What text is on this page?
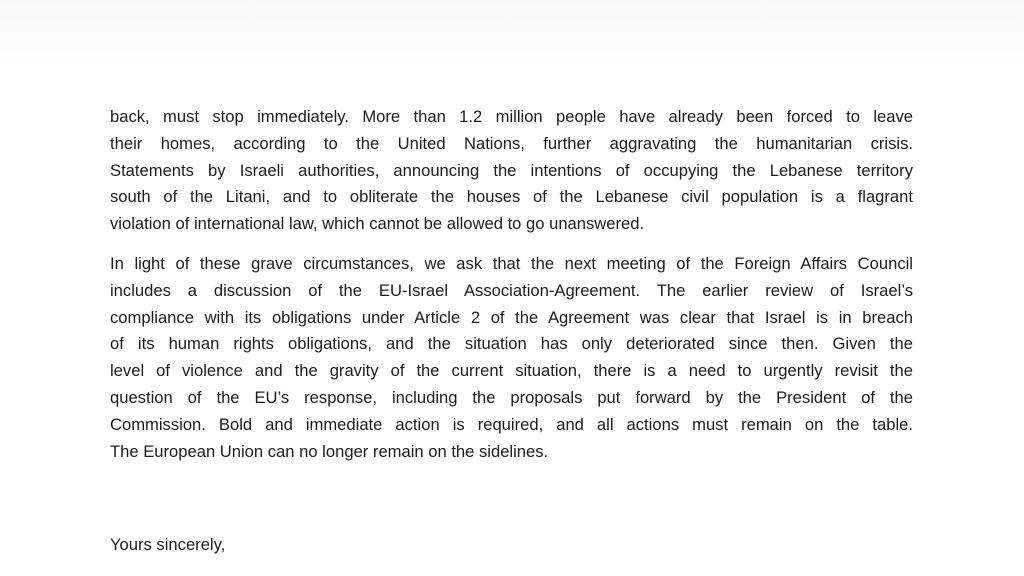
back, must stop immediately. More than 1.2 million people have already been forced to leave
their homes, according to the United Nations, further aggravating the humanitarian crisis.
Statements by Israeli authorities, announcing the intentions of occupying the Lebanese territory
south of the Litani, and to obliterate the houses of the Lebanese civil population is a flagrant
violation of international law, which cannot be allowed to go unanswered.

In light of these grave circumstances, we ask that the next meeting of the Foreign Affairs Council
includes a discussion of the EU-Israel Association-Agreement. The earlier review of Israel’s
compliance with its obligations under Article 2 of the Agreement was clear that Israel is in breach
of its human rights obligations, and the situation has only deteriorated since then. Given the
level of violence and the gravity of the current situation, there is a need to urgently revisit the
question of the EU’s response, including the proposals put forward by the President of the
Commission. Bold and immediate action is required, and all actions must remain on the table.
The European Union can no longer remain on the sidelines.

Yours sincerely,
